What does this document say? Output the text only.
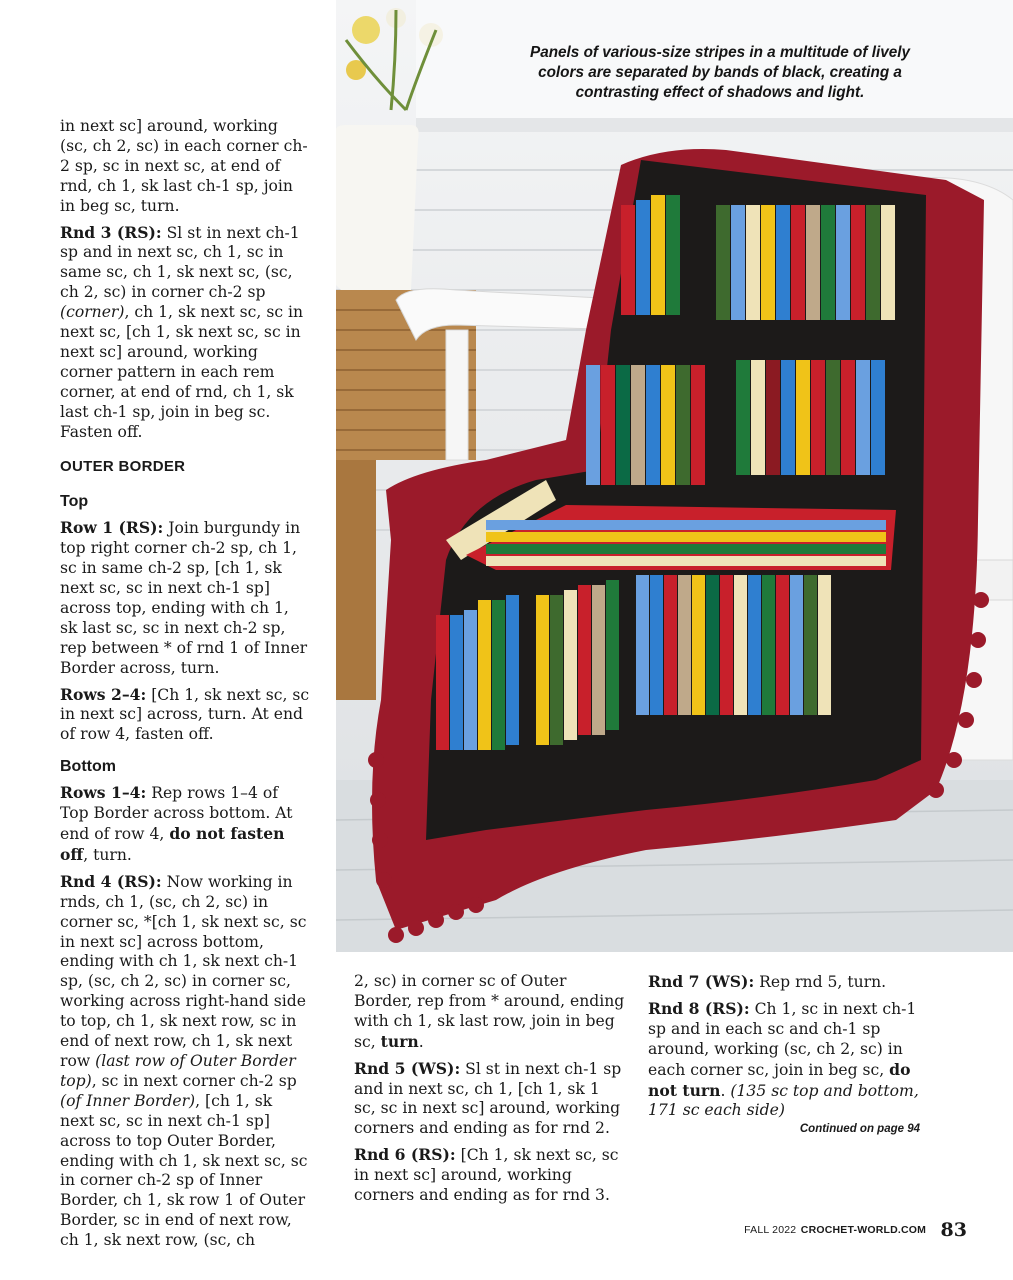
Panels of various-size stripes in a multitude of lively colors are separated by bands of black, creating a contrasting effect of shadows and light.

in next sc] around, working (sc, ch 2, sc) in each corner ch-2 sp, sc in next sc, at end of rnd, ch 1, sk last ch-1 sp, join in beg sc, turn.

Rnd 3 (RS): Sl st in next ch-1 sp and in next sc, ch 1, sc in same sc, ch 1, sk next sc, (sc, ch 2, sc) in corner ch-2 sp (corner), ch 1, sk next sc, sc in next sc, [ch 1, sk next sc, sc in next sc] around, working corner pattern in each rem corner, at end of rnd, ch 1, sk last ch-1 sp, join in beg sc. Fasten off.

OUTER BORDER
Top

Row 1 (RS): Join burgundy in top right corner ch-2 sp, ch 1, sc in same ch-2 sp, [ch 1, sk next sc, sc in next ch-1 sp] across top, ending with ch 1, sk last sc, sc in next ch-2 sp, rep between * of rnd 1 of Inner Border across, turn.

Rows 2–4: [Ch 1, sk next sc, sc in next sc] across, turn. At end of row 4, fasten off.

Bottom

Rows 1–4: Rep rows 1–4 of Top Border across bottom. At end of row 4, do not fasten off, turn.

Rnd 4 (RS): Now working in rnds, ch 1, (sc, ch 2, sc) in corner sc, *[ch 1, sk next sc, sc in next sc] across bottom, ending with ch 1, sk next ch-1 sp, (sc, ch 2, sc) in corner sc, working across right-hand side to top, ch 1, sk next row, sc in end of next row, ch 1, sk next row (last row of Outer Border top), sc in next corner ch-2 sp (of Inner Border), [ch 1, sk next sc, sc in next ch-1 sp] across to top Outer Border, ending with ch 1, sk next sc, sc in corner ch-2 sp of Inner Border, ch 1, sk row 1 of Outer Border, sc in end of next row, ch 1, sk next row, (sc, ch

2, sc) in corner sc of Outer Border, rep from * around, ending with ch 1, sk last row, join in beg sc, turn.

Rnd 5 (WS): Sl st in next ch-1 sp and in next sc, ch 1, [ch 1, sk 1 sc, sc in next sc] around, working corners and ending as for rnd 2.

Rnd 6 (RS): [Ch 1, sk next sc, sc in next sc] around, working corners and ending as for rnd 3.

Rnd 7 (WS): Rep rnd 5, turn.

Rnd 8 (RS): Ch 1, sc in next ch-1 sp and in each sc and ch-1 sp around, working (sc, ch 2, sc) in each corner sc, join in beg sc, do not turn. (135 sc top and bottom, 171 sc each side)

Continued on page 94
FALL 2022 CROCHET-WORLD.COM 83
